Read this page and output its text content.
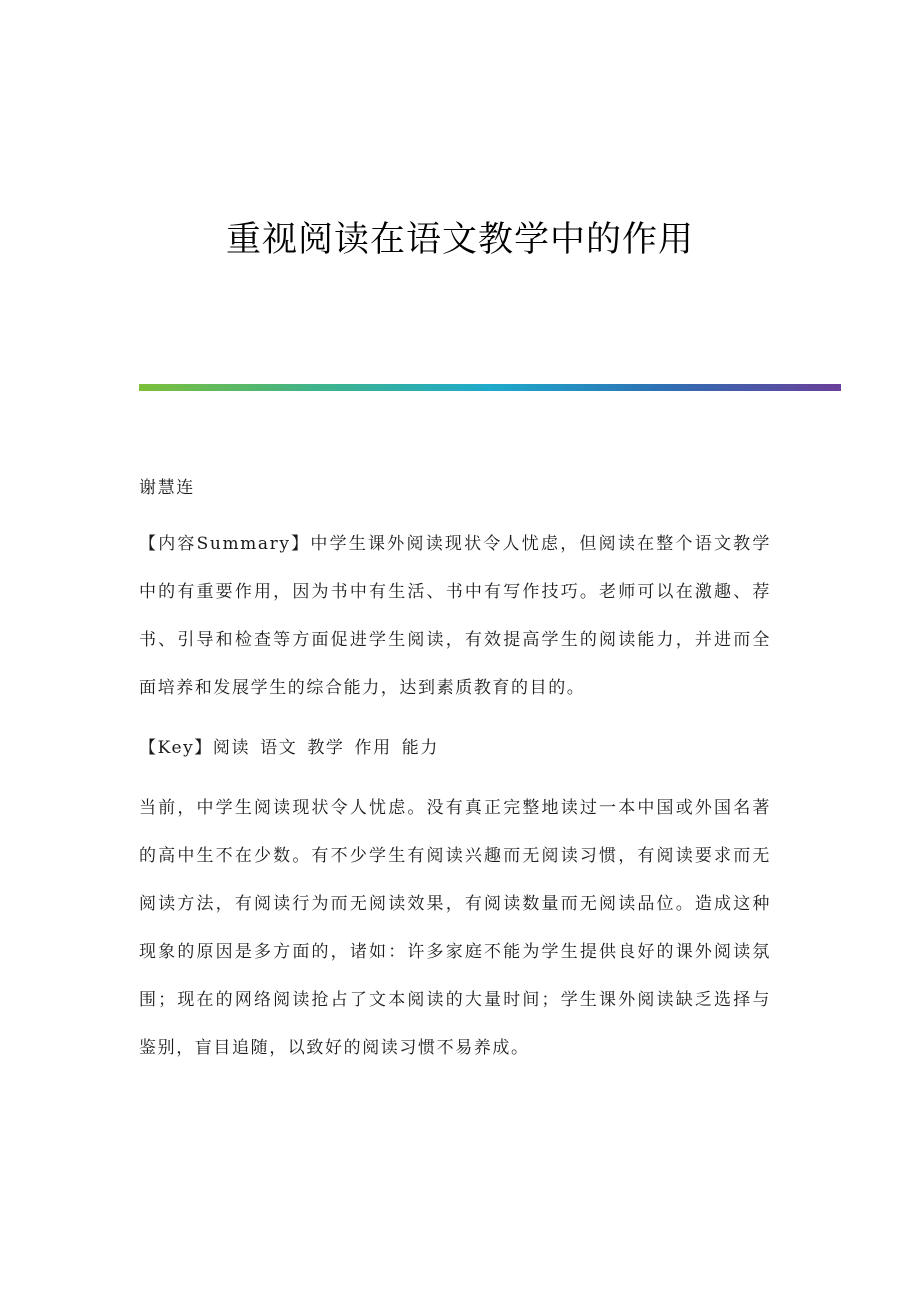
重视阅读在语文教学中的作用

谢慧连

【内容Summary】中学生课外阅读现状令人忧虑，但阅读在整个语文教学中的有重要作用，因为书中有生活、书中有写作技巧。老师可以在激趣、荐书、引导和检查等方面促进学生阅读，有效提高学生的阅读能力，并进而全面培养和发展学生的综合能力，达到素质教育的目的。

【Key】阅读 语文 教学 作用 能力

当前，中学生阅读现状令人忧虑。没有真正完整地读过一本中国或外国名著的高中生不在少数。有不少学生有阅读兴趣而无阅读习惯，有阅读要求而无阅读方法，有阅读行为而无阅读效果，有阅读数量而无阅读品位。造成这种现象的原因是多方面的，诸如：许多家庭不能为学生提供良好的课外阅读氛围；现在的网络阅读抢占了文本阅读的大量时间；学生课外阅读缺乏选择与鉴别，盲目追随，以致好的阅读习惯不易养成。
